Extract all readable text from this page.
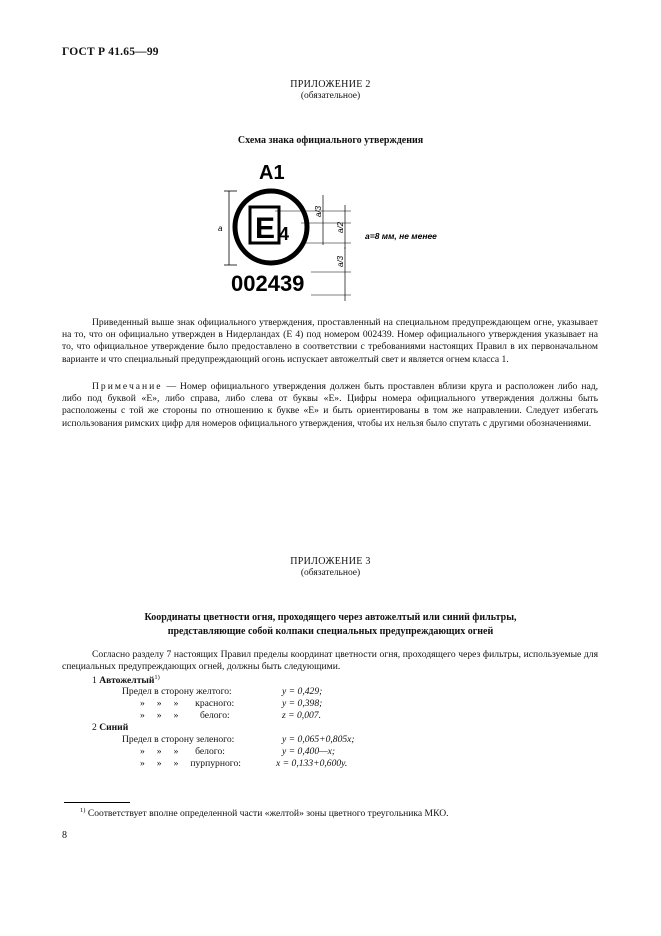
ГОСТ Р 41.65—99
ПРИЛОЖЕНИЕ 2
(обязательное)
Схема знака официального утверждения
A1
a E 4
a/3
a/2
a=8 мм, не менее
002439
a/3
Приведенный выше знак официального утверждения, проставленный на специальном предупреждающем огне, указывает на то, что он официально утвержден в Нидерландах (E 4) под номером 002439. Номер официального утверждения указывает на то, что официальное утверждение было предоставлено в соответствии с требованиями настоящих Правил в их первоначальном варианте и что специальный предупреждающий огонь испускает автожелтый свет и является огнем класса 1.
Примечание — Номер официального утверждения должен быть проставлен вблизи круга и расположен либо над, либо под буквой «E», либо справа, либо слева от буквы «E». Цифры номера официального утверждения должны быть расположены с той же стороны по отношению к букве «E» и быть ориентированы в том же направлении. Следует избегать использования римских цифр для номеров официального утверждения, чтобы их нельзя было спутать с другими обозначениями.
ПРИЛОЖЕНИЕ 3
(обязательное)
Координаты цветности огня, проходящего через автожелтый или синий фильтры,
представляющие собой колпаки специальных предупреждающих огней
Согласно разделу 7 настоящих Правил пределы координат цветности огня, проходящего через фильтры, используемые для специальных предупреждающих огней, должны быть следующими.
1 Автожелтый$^{1)}$
Предел в сторону желтого:	y = 0,429;
»     »     »       красного:	y = 0,398;
»     »     »         белого:	z = 0,007.
2 Синий
Предел в сторону зеленого:	y = 0,065+0,805x;
»     »     »       белого:	y = 0,400—x;
»     »     »     пурпурного:	x = 0,133+0,600y.
$^{1)}$ Соответствует вполне определенной части «желтой» зоны цветного треугольника МКО.
8
